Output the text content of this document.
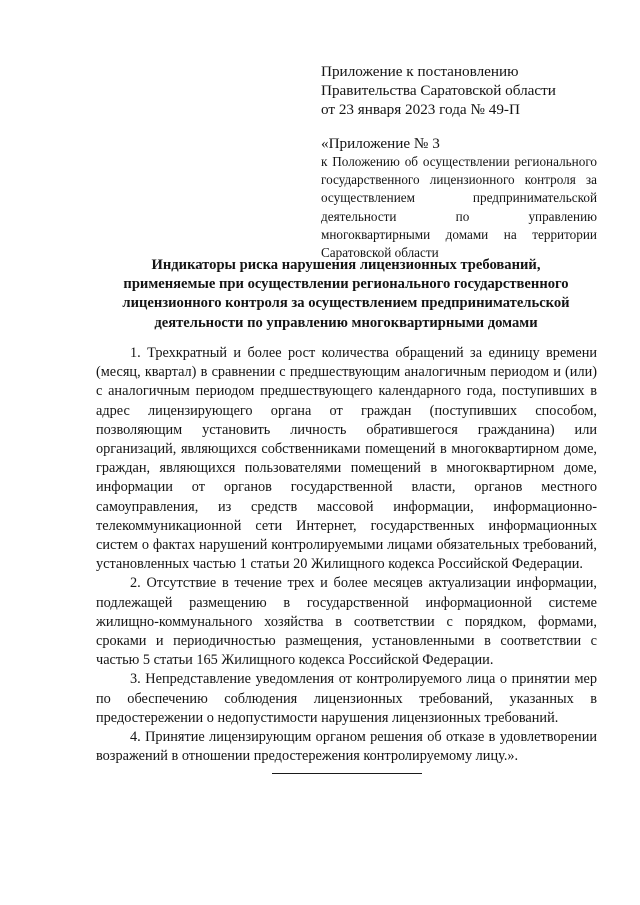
Приложение к постановлению
Правительства Саратовской области
от 23 января 2023 года № 49-П
«Приложение № 3
к Положению об осуществлении регионального государственного лицензионного контроля за осуществлением предпринимательской деятельности по управлению многоквартирными домами на территории Саратовской области
Индикаторы риска нарушения лицензионных требований,
применяемые при осуществлении регионального государственного
лицензионного контроля за осуществлением предпринимательской
деятельности по управлению многоквартирными домами

1. Трехкратный и более рост количества обращений за единицу времени (месяц, квартал) в сравнении с предшествующим аналогичным периодом и (или) с аналогичным периодом предшествующего календарного года, поступивших в адрес лицензирующего органа от граждан (поступивших способом, позволяющим установить личность обратившегося гражданина) или организаций, являющихся собственниками помещений в многоквартирном доме, граждан, являющихся пользователями помещений в многоквартирном доме, информации от органов государственной власти, органов местного самоуправления, из средств массовой информации, информационно-телекоммуникационной сети Интернет, государственных информационных систем о фактах нарушений контролируемыми лицами обязательных требований, установленных частью 1 статьи 20 Жилищного кодекса Российской Федерации.

2. Отсутствие в течение трех и более месяцев актуализации информации, подлежащей размещению в государственной информационной системе жилищно-коммунального хозяйства в соответствии с порядком, формами, сроками и периодичностью размещения, установленными в соответствии с частью 5 статьи 165 Жилищного кодекса Российской Федерации.

3. Непредставление уведомления от контролируемого лица о принятии мер по обеспечению соблюдения лицензионных требований, указанных в предостережении о недопустимости нарушения лицензионных требований.

4. Принятие лицензирующим органом решения об отказе в удовлетворении возражений в отношении предостережения контролируемому лицу.».
